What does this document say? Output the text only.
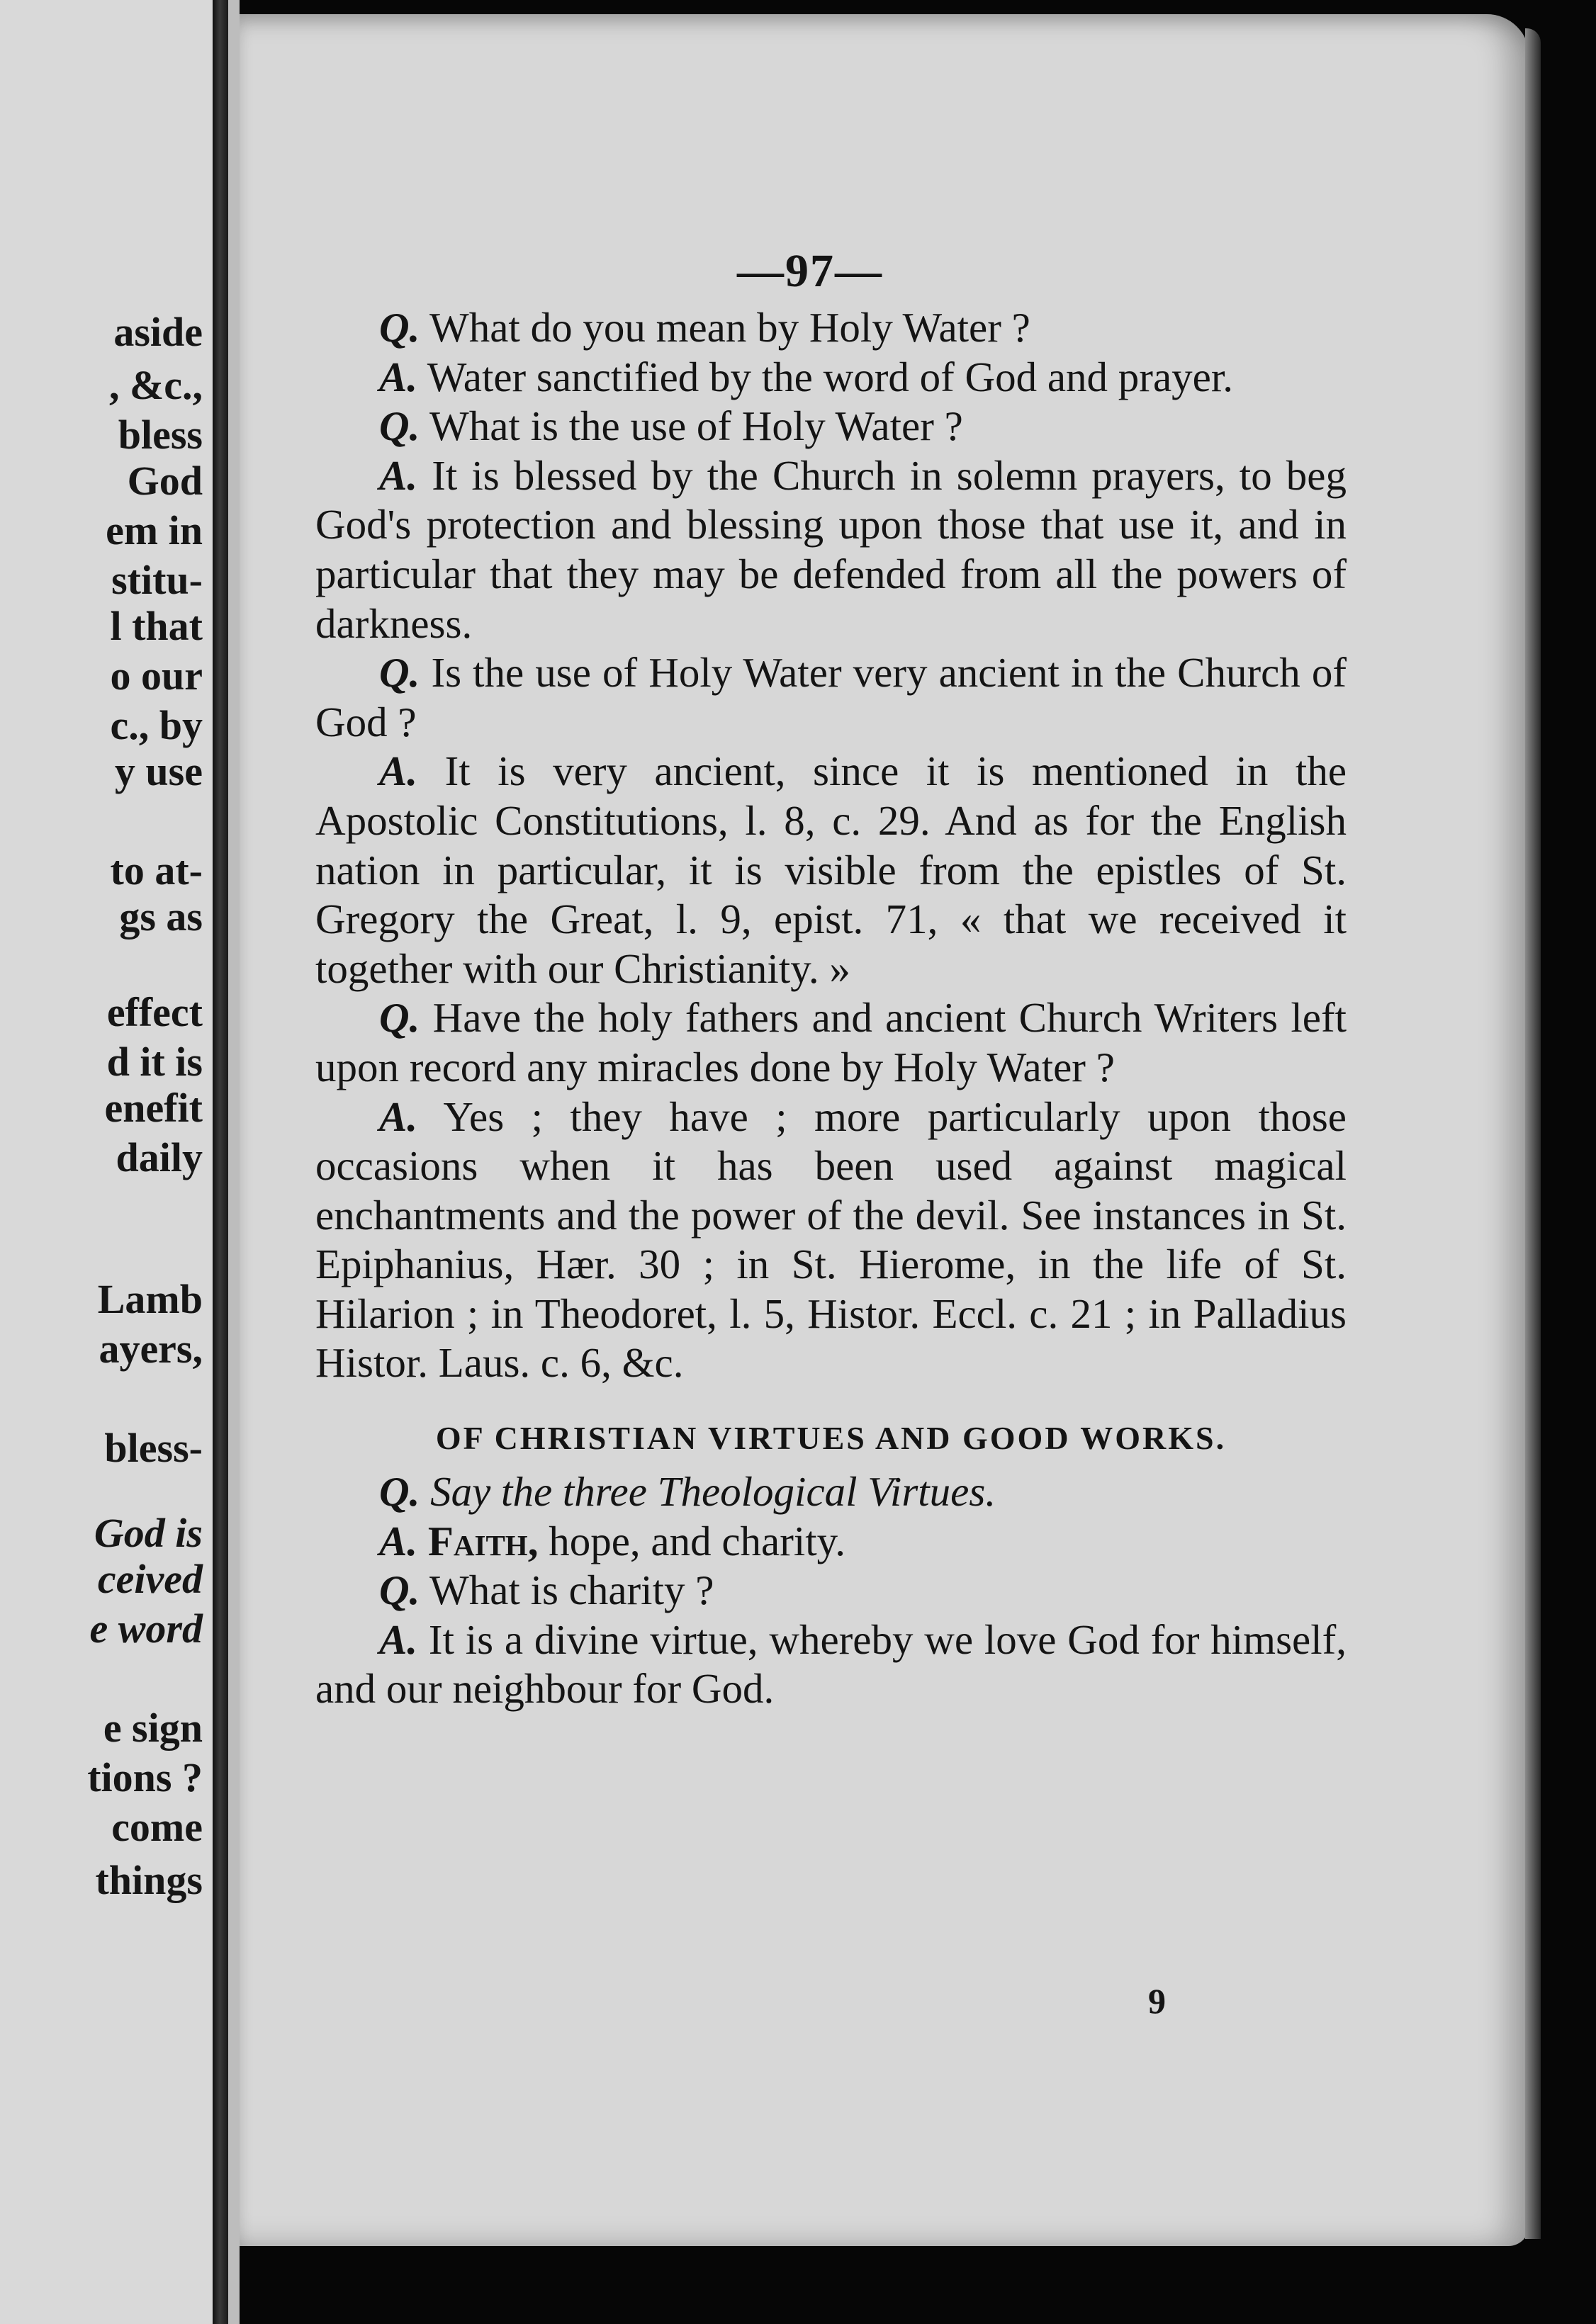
aside
, &c.,
bless
God
em in
stitu-
l that
o our
c., by
y use
to at-
gs as
effect
d it is
enefit
daily
Lamb
ayers,
bless-
God is
ceived
e word
e sign
tions ?
come
things
—97—

Q. What do you mean by Holy Water ?

A. Water sanctified by the word of God and prayer.

Q. What is the use of Holy Water ?

A. It is blessed by the Church in solemn prayers, to beg God's protection and blessing upon those that use it, and in particular that they may be defended from all the powers of darkness.

Q. Is the use of Holy Water very ancient in the Church of God ?

A. It is very ancient, since it is mentioned in the Apostolic Constitutions, l. 8, c. 29. And as for the English nation in particular, it is visible from the epistles of St. Gregory the Great, l. 9, epist. 71, « that we received it together with our Christianity. »

Q. Have the holy fathers and ancient Church Writers left upon record any miracles done by Holy Water ?

A. Yes ; they have ; more particularly upon those occasions when it has been used against magical enchantments and the power of the devil. See instances in St. Epiphanius, Hær. 30 ; in St. Hierome, in the life of St. Hilarion ; in Theodoret, l. 5, Histor. Eccl. c. 21 ; in Palladius Histor. Laus. c. 6, &c.

OF CHRISTIAN VIRTUES AND GOOD WORKS.

Q. Say the three Theological Virtues.

A. Faith, hope, and charity.

Q. What is charity ?

A. It is a divine virtue, whereby we love God for himself, and our neighbour for God.

9
